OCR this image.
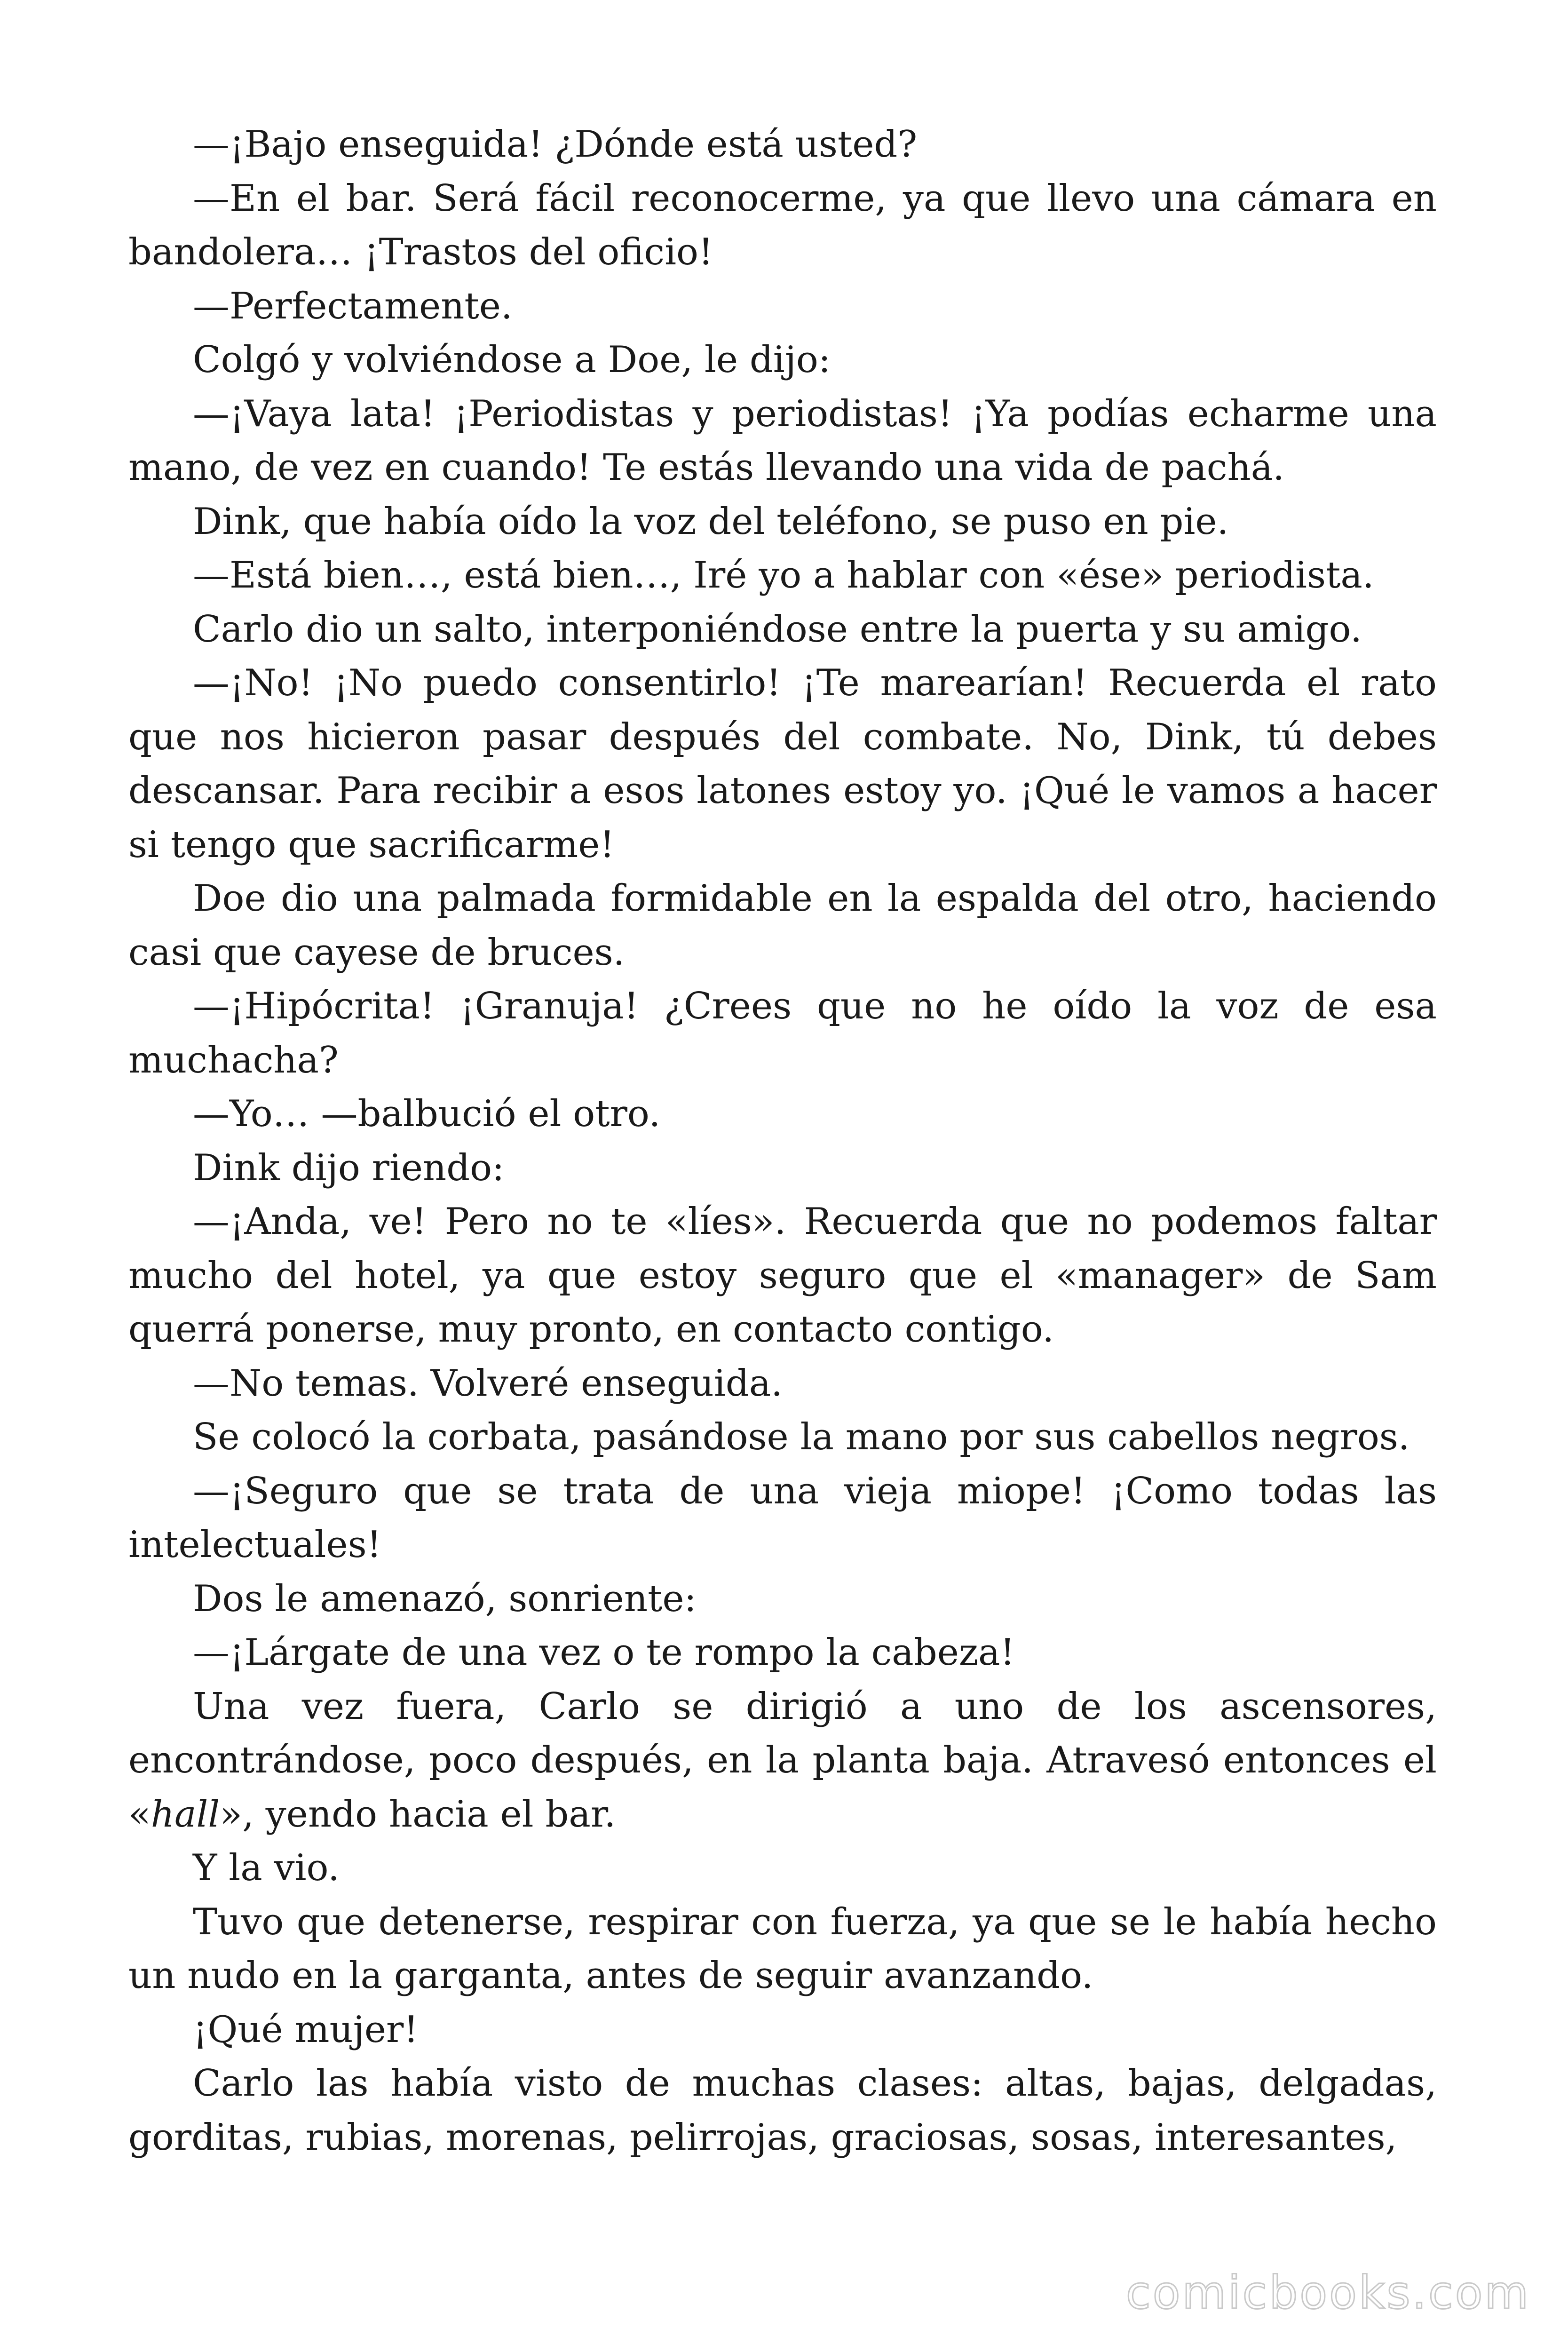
—¡Bajo enseguida! ¿Dónde está usted?

—En el bar. Será fácil reconocerme, ya que llevo una cámara en bandolera… ¡Trastos del oficio!

—Perfectamente.

Colgó y volviéndose a Doe, le dijo:

—¡Vaya lata! ¡Periodistas y periodistas! ¡Ya podías echarme una mano, de vez en cuando! Te estás llevando una vida de pachá.

Dink, que había oído la voz del teléfono, se puso en pie.

—Está bien…, está bien…, Iré yo a hablar con «ése» periodista.

Carlo dio un salto, interponiéndose entre la puerta y su amigo.

—¡No! ¡No puedo consentirlo! ¡Te marearían! Recuerda el rato que nos hicieron pasar después del combate. No, Dink, tú debes descansar. Para recibir a esos latones estoy yo. ¡Qué le vamos a hacer si tengo que sacrificarme!

Doe dio una palmada formidable en la espalda del otro, haciendo casi que cayese de bruces.

—¡Hipócrita! ¡Granuja! ¿Crees que no he oído la voz de esa muchacha?

—Yo… —balbució el otro.

Dink dijo riendo:

—¡Anda, ve! Pero no te «líes». Recuerda que no podemos faltar mucho del hotel, ya que estoy seguro que el «manager» de Sam querrá ponerse, muy pronto, en contacto contigo.

—No temas. Volveré enseguida.

Se colocó la corbata, pasándose la mano por sus cabellos negros.

—¡Seguro que se trata de una vieja miope! ¡Como todas las intelectuales!

Dos le amenazó, sonriente:

—¡Lárgate de una vez o te rompo la cabeza!

Una vez fuera, Carlo se dirigió a uno de los ascensores, encontrándose, poco después, en la planta baja. Atravesó entonces el «hall», yendo hacia el bar.

Y la vio.

Tuvo que detenerse, respirar con fuerza, ya que se le había hecho un nudo en la garganta, antes de seguir avanzando.

¡Qué mujer!

Carlo las había visto de muchas clases: altas, bajas, delgadas, gorditas, rubias, morenas, pelirrojas, graciosas, sosas, interesantes,

comicbooks.com
